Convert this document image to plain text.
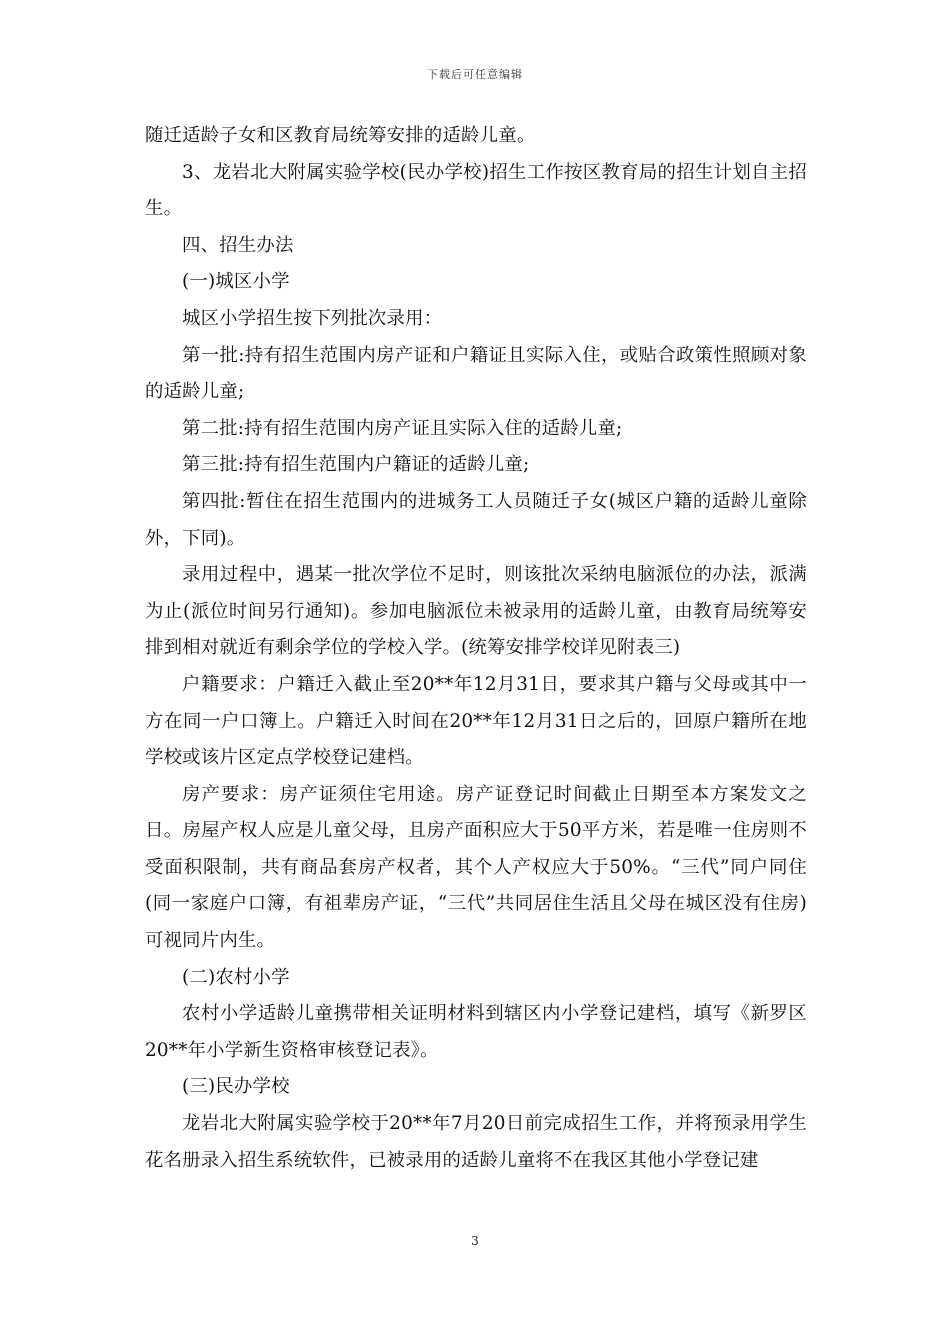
下载后可任意编辑

随迁适龄子女和区教育局统筹安排的适龄儿童。

3、龙岩北大附属实验学校(民办学校)招生工作按区教育局的招生计划自主招生。

四、招生办法

(一)城区小学

城区小学招生按下列批次录用：

第一批:持有招生范围内房产证和户籍证且实际入住，或贴合政策性照顾对象的适龄儿童;

第二批:持有招生范围内房产证且实际入住的适龄儿童;

第三批:持有招生范围内户籍证的适龄儿童;

第四批:暂住在招生范围内的进城务工人员随迁子女(城区户籍的适龄儿童除外，下同)。

录用过程中，遇某一批次学位不足时，则该批次采纳电脑派位的办法，派满为止(派位时间另行通知)。参加电脑派位未被录用的适龄儿童，由教育局统筹安排到相对就近有剩余学位的学校入学。(统筹安排学校详见附表三)

户籍要求：户籍迁入截止至20**年12月31日，要求其户籍与父母或其中一方在同一户口簿上。户籍迁入时间在20**年12月31日之后的，回原户籍所在地学校或该片区定点学校登记建档。

房产要求：房产证须住宅用途。房产证登记时间截止日期至本方案发文之日。房屋产权人应是儿童父母，且房产面积应大于50平方米，若是唯一住房则不受面积限制，共有商品套房产权者，其个人产权应大于50%。“三代”同户同住(同一家庭户口簿，有祖辈房产证，“三代”共同居住生活且父母在城区没有住房)可视同片内生。

(二)农村小学

农村小学适龄儿童携带相关证明材料到辖区内小学登记建档，填写《新罗区20**年小学新生资格审核登记表》。

(三)民办学校

龙岩北大附属实验学校于20**年7月20日前完成招生工作，并将预录用学生花名册录入招生系统软件，已被录用的适龄儿童将不在我区其他小学登记建

3
